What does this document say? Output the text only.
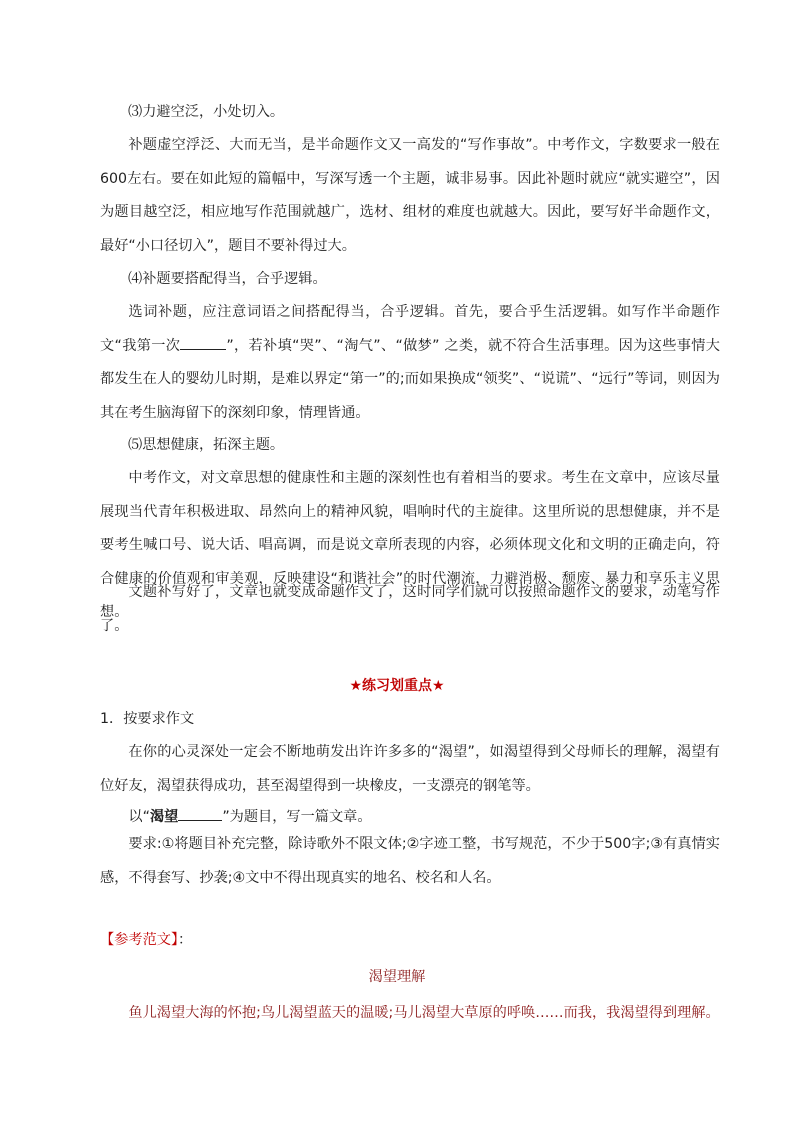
⑶力避空泛，小处切入。

补题虚空浮泛、大而无当，是半命题作文又一高发的“写作事故”。中考作文，字数要求一般在600左右。要在如此短的篇幅中，写深写透一个主题，诚非易事。因此补题时就应“就实避空”，因为题目越空泛，相应地写作范围就越广，选材、组材的难度也就越大。因此，要写好半命题作文，最好“小口径切入”，题目不要补得过大。

⑷补题要搭配得当，合乎逻辑。

选词补题，应注意词语之间搭配得当，合乎逻辑。首先，要合乎生活逻辑。如写作半命题作文“我第一次	”，若补填“哭”、“淘气”、“做梦” 之类，就不符合生活事理。因为这些事情大都发生在人的婴幼儿时期，是难以界定“第一”的;而如果换成“领奖”、“说谎”、“远行”等词，则因为其在考生脑海留下的深刻印象，情理皆通。

⑸思想健康，拓深主题。

中考作文，对文章思想的健康性和主题的深刻性也有着相当的要求。考生在文章中，应该尽量展现当代青年积极进取、昂然向上的精神风貌，唱响时代的主旋律。这里所说的思想健康，并不是要考生喊口号、说大话、唱高调，而是说文章所表现的内容，必须体现文化和文明的正确走向，符合健康的价值观和审美观，反映建设“和谐社会”的时代潮流，力避消极、颓废、暴力和享乐主义思想。

文题补写好了，文章也就变成命题作文了，这时同学们就可以按照命题作文的要求，动笔写作了。

★练习划重点★

1．按要求作文

在你的心灵深处一定会不断地萌发出许许多多的“渴望”，如渴望得到父母师长的理解，渴望有位好友，渴望获得成功，甚至渴望得到一块橡皮，一支漂亮的钢笔等。

以“渴望	”为题目，写一篇文章。

要求:①将题目补充完整，除诗歌外不限文体;②字迹工整，书写规范，不少于500字;③有真情实感，不得套写、抄袭;④文中不得出现真实的地名、校名和人名。

【参考范文】：

渴望理解

鱼儿渴望大海的怀抱;鸟儿渴望蓝天的温暖;马儿渴望大草原的呼唤……而我，我渴望得到理解。
